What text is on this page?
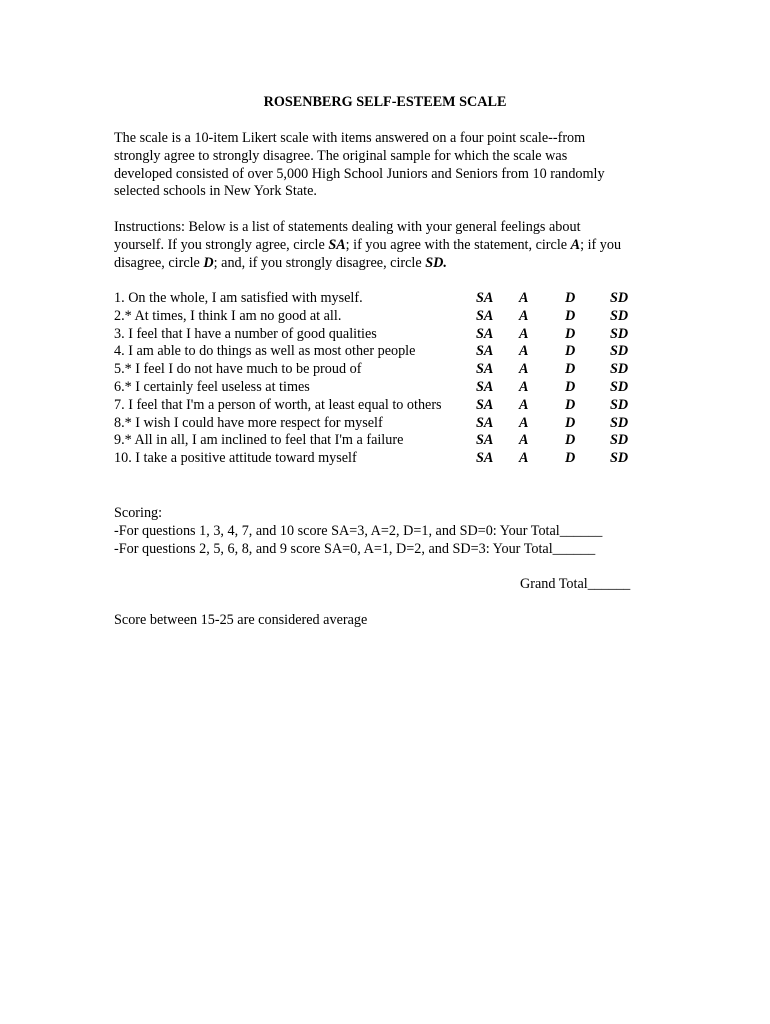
ROSENBERG SELF-ESTEEM SCALE
The scale is a 10-item Likert scale with items answered on a four point scale--from
strongly agree to strongly disagree. The original sample for which the scale was
developed consisted of over 5,000 High School Juniors and Seniors from 10 randomly
selected schools in New York State.
Instructions: Below is a list of statements dealing with your general feelings about
yourself. If you strongly agree, circle SA; if you agree with the statement, circle A; if you
disagree, circle D; and, if you strongly disagree, circle SD.
1. On the whole, I am satisfied with myself.	SA A	D SD
2.* At times, I think I am no good at all.	SA A	D SD
3. I feel that I have a number of good qualities	SA A	D SD
4. I am able to do things as well as most other people	SA A	D SD
5.* I feel I do not have much to be proud of	SA A	D SD
6.* I certainly feel useless at times	SA A	D SD
7. I feel that I'm a person of worth, at least equal to others SA A	D SD
8.* I wish I could have more respect for myself	SA A	D SD
9.* All in all, I am inclined to feel that I'm a failure	SA A	D SD
10. I take a positive attitude toward myself	SA A	D SD
Scoring:
-For questions 1, 3, 4, 7, and 10 score SA=3, A=2, D=1, and SD=0: Your Total______
-For questions 2, 5, 6, 8, and 9 score SA=0, A=1, D=2, and SD=3: Your Total______
Grand Total______
Score between 15-25 are considered average
